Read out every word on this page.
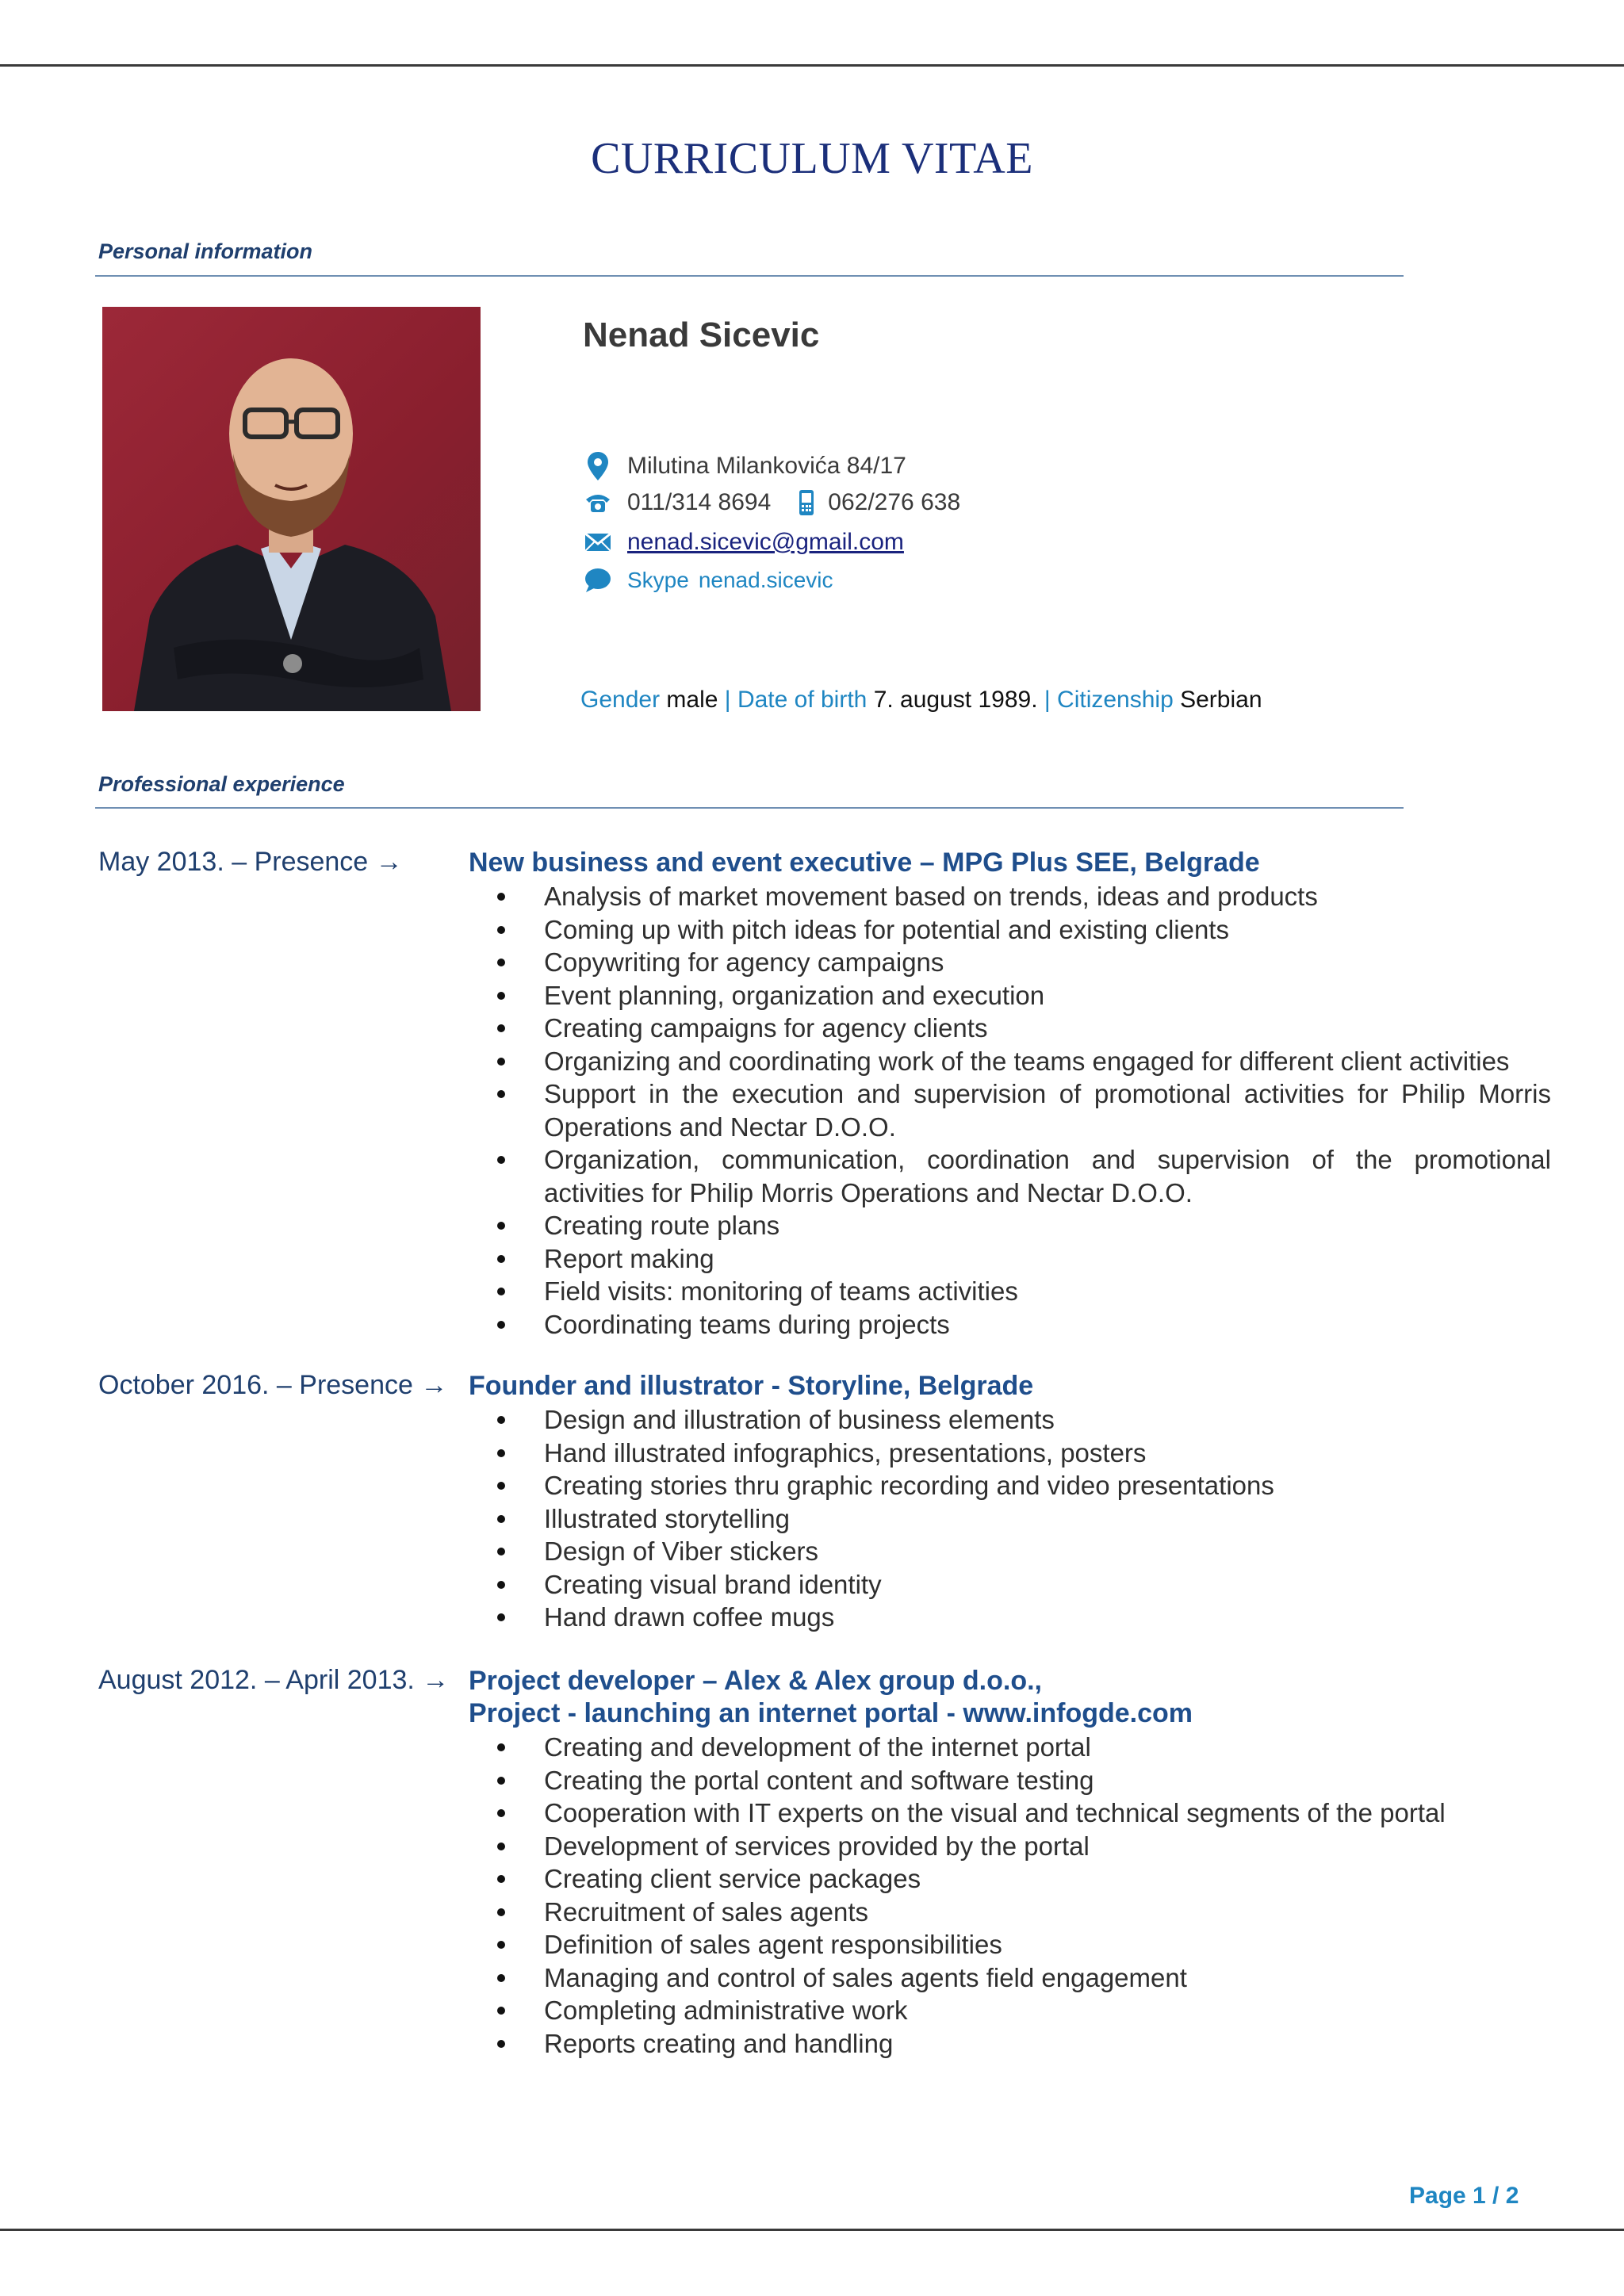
CURRICULUM VITAE
Personal information
Nenad Sicevic
Milutina Milankovića 84/17
011/314 8694 062/276 638
nenad.sicevic@gmail.com
Skype nenad.sicevic
Gender male | Date of birth 7. august 1989. | Citizenship Serbian
Professional experience
May 2013. – Presence → New business and event executive – MPG Plus SEE, Belgrade
Analysis of market movement based on trends, ideas and products
Coming up with pitch ideas for potential and existing clients
Copywriting for agency campaigns
Event planning, organization and execution
Creating campaigns for agency clients
Organizing and coordinating work of the teams engaged for different client activities
Support in the execution and supervision of promotional activities for Philip Morris Operations and Nectar D.O.O.
Organization, communication, coordination and supervision of the promotional activities for Philip Morris Operations and Nectar D.O.O.
Creating route plans
Report making
Field visits: monitoring of teams activities
Coordinating teams during projects
October 2016. – Presence → Founder and illustrator - Storyline, Belgrade
Design and illustration of business elements
Hand illustrated infographics, presentations, posters
Creating stories thru graphic recording and video presentations
Illustrated storytelling
Design of Viber stickers
Creating visual brand identity
Hand drawn coffee mugs
August 2012. – April 2013. → Project developer – Alex & Alex group d.o.o.,
Project - launching an internet portal - www.infogde.com
Creating and development of the internet portal
Creating the portal content and software testing
Cooperation with IT experts on the visual and technical segments of the portal
Development of services provided by the portal
Creating client service packages
Recruitment of sales agents
Definition of sales agent responsibilities
Managing and control of sales agents field engagement
Completing administrative work
Reports creating and handling
Page 1 / 2
